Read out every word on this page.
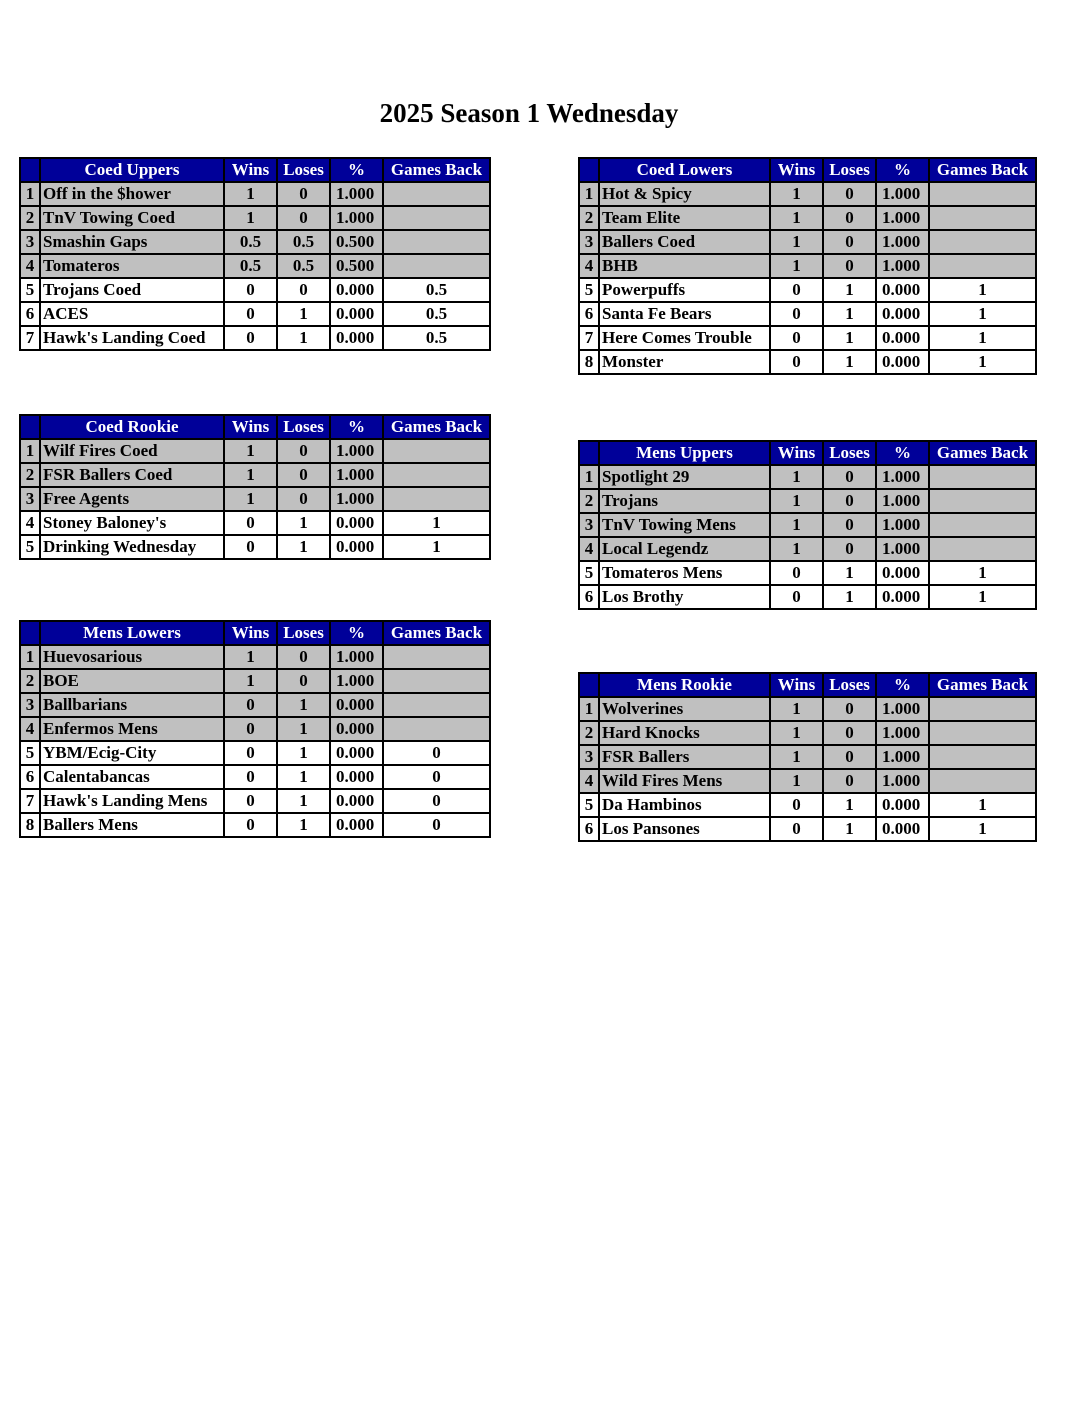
2025 Season 1 Wednesday
	Coed Uppers	Wins	Loses	%	Games Back
1	Off in the $hower	1	0	1.000	
2	TnV Towing Coed	1	0	1.000	
3	Smashin Gaps	0.5	0.5	0.500	
4	Tomateros	0.5	0.5	0.500	
5	Trojans Coed	0	0	0.000	0.5
6	ACES	0	1	0.000	0.5
7	Hawk's Landing Coed	0	1	0.000	0.5
	Coed Rookie	Wins	Loses	%	Games Back
1	Wilf Fires Coed	1	0	1.000	
2	FSR Ballers Coed	1	0	1.000	
3	Free Agents	1	0	1.000	
4	Stoney Baloney's	0	1	0.000	1
5	Drinking Wednesday	0	1	0.000	1
	Mens Lowers	Wins	Loses	%	Games Back
1	Huevosarious	1	0	1.000	
2	BOE	1	0	1.000	
3	Ballbarians	0	1	0.000	
4	Enfermos Mens	0	1	0.000	
5	YBM/Ecig-City	0	1	0.000	0
6	Calentabancas	0	1	0.000	0
7	Hawk's Landing Mens	0	1	0.000	0
8	Ballers Mens	0	1	0.000	0
	Coed Lowers	Wins	Loses	%	Games Back
1	Hot & Spicy	1	0	1.000	
2	Team Elite	1	0	1.000	
3	Ballers Coed	1	0	1.000	
4	BHB	1	0	1.000	
5	Powerpuffs	0	1	0.000	1
6	Santa Fe Bears	0	1	0.000	1
7	Here Comes Trouble	0	1	0.000	1
8	Monster	0	1	0.000	1
	Mens Uppers	Wins	Loses	%	Games Back
1	Spotlight 29	1	0	1.000	
2	Trojans	1	0	1.000	
3	TnV Towing Mens	1	0	1.000	
4	Local Legendz	1	0	1.000	
5	Tomateros Mens	0	1	0.000	1
6	Los Brothy	0	1	0.000	1
	Mens Rookie	Wins	Loses	%	Games Back
1	Wolverines	1	0	1.000	
2	Hard Knocks	1	0	1.000	
3	FSR Ballers	1	0	1.000	
4	Wild Fires Mens	1	0	1.000	
5	Da Hambinos	0	1	0.000	1
6	Los Pansones	0	1	0.000	1
